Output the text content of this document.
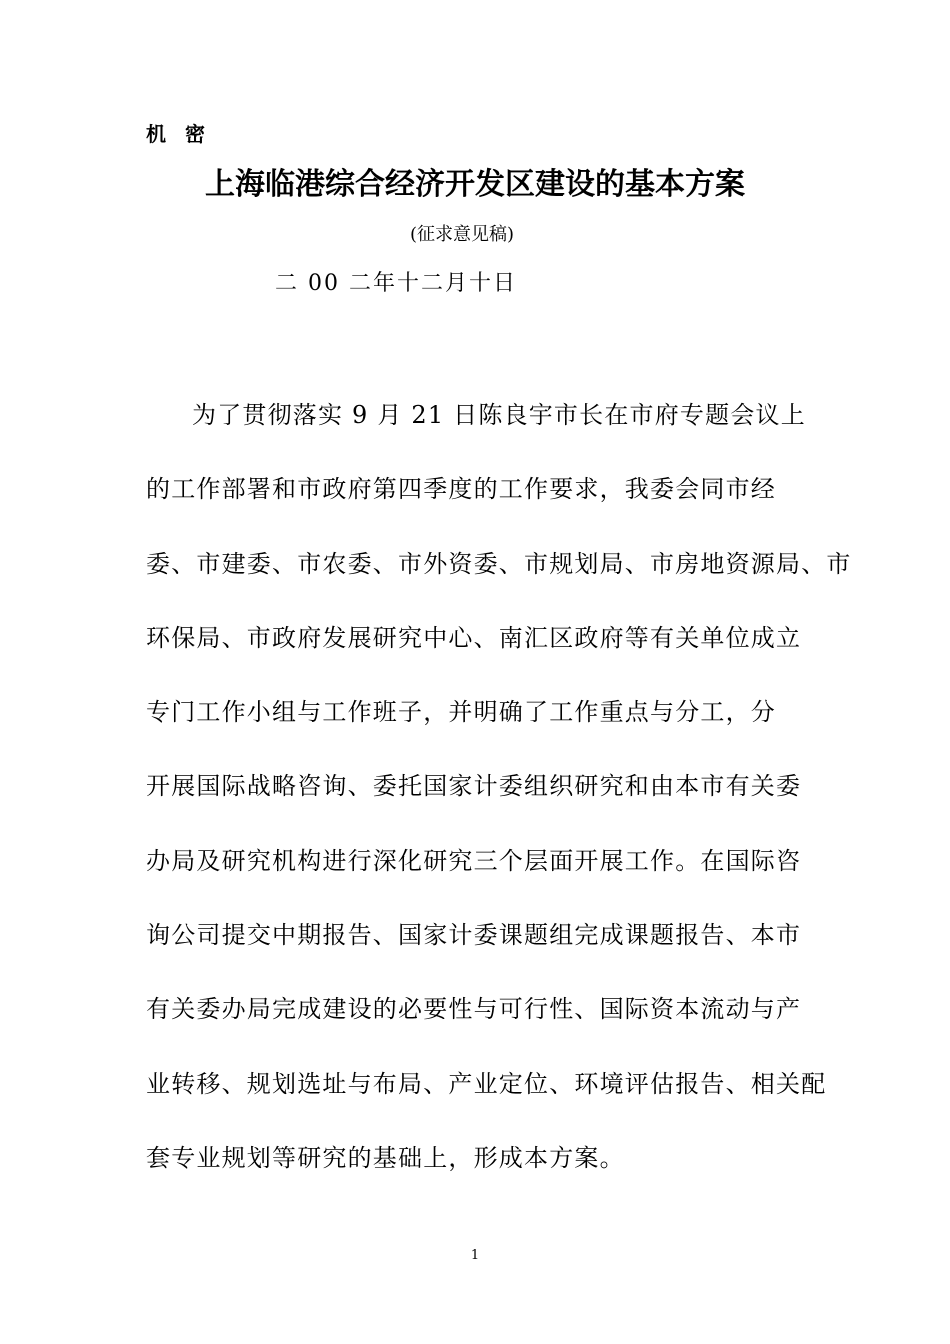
机 密
上海临港综合经济开发区建设的基本方案
(征求意见稿)
二 00 二年十二月十日
为了贯彻落实 9 月 21 日陈良宇市长在市府专题会议上
的工作部署和市政府第四季度的工作要求，我委会同市经
委、市建委、市农委、市外资委、市规划局、市房地资源局、市
环保局、市政府发展研究中心、南汇区政府等有关单位成立
专门工作小组与工作班子，并明确了工作重点与分工，分
开展国际战略咨询、委托国家计委组织研究和由本市有关委
办局及研究机构进行深化研究三个层面开展工作。在国际咨
询公司提交中期报告、国家计委课题组完成课题报告、本市
有关委办局完成建设的必要性与可行性、国际资本流动与产
业转移、规划选址与布局、产业定位、环境评估报告、相关配
套专业规划等研究的基础上，形成本方案。
1
